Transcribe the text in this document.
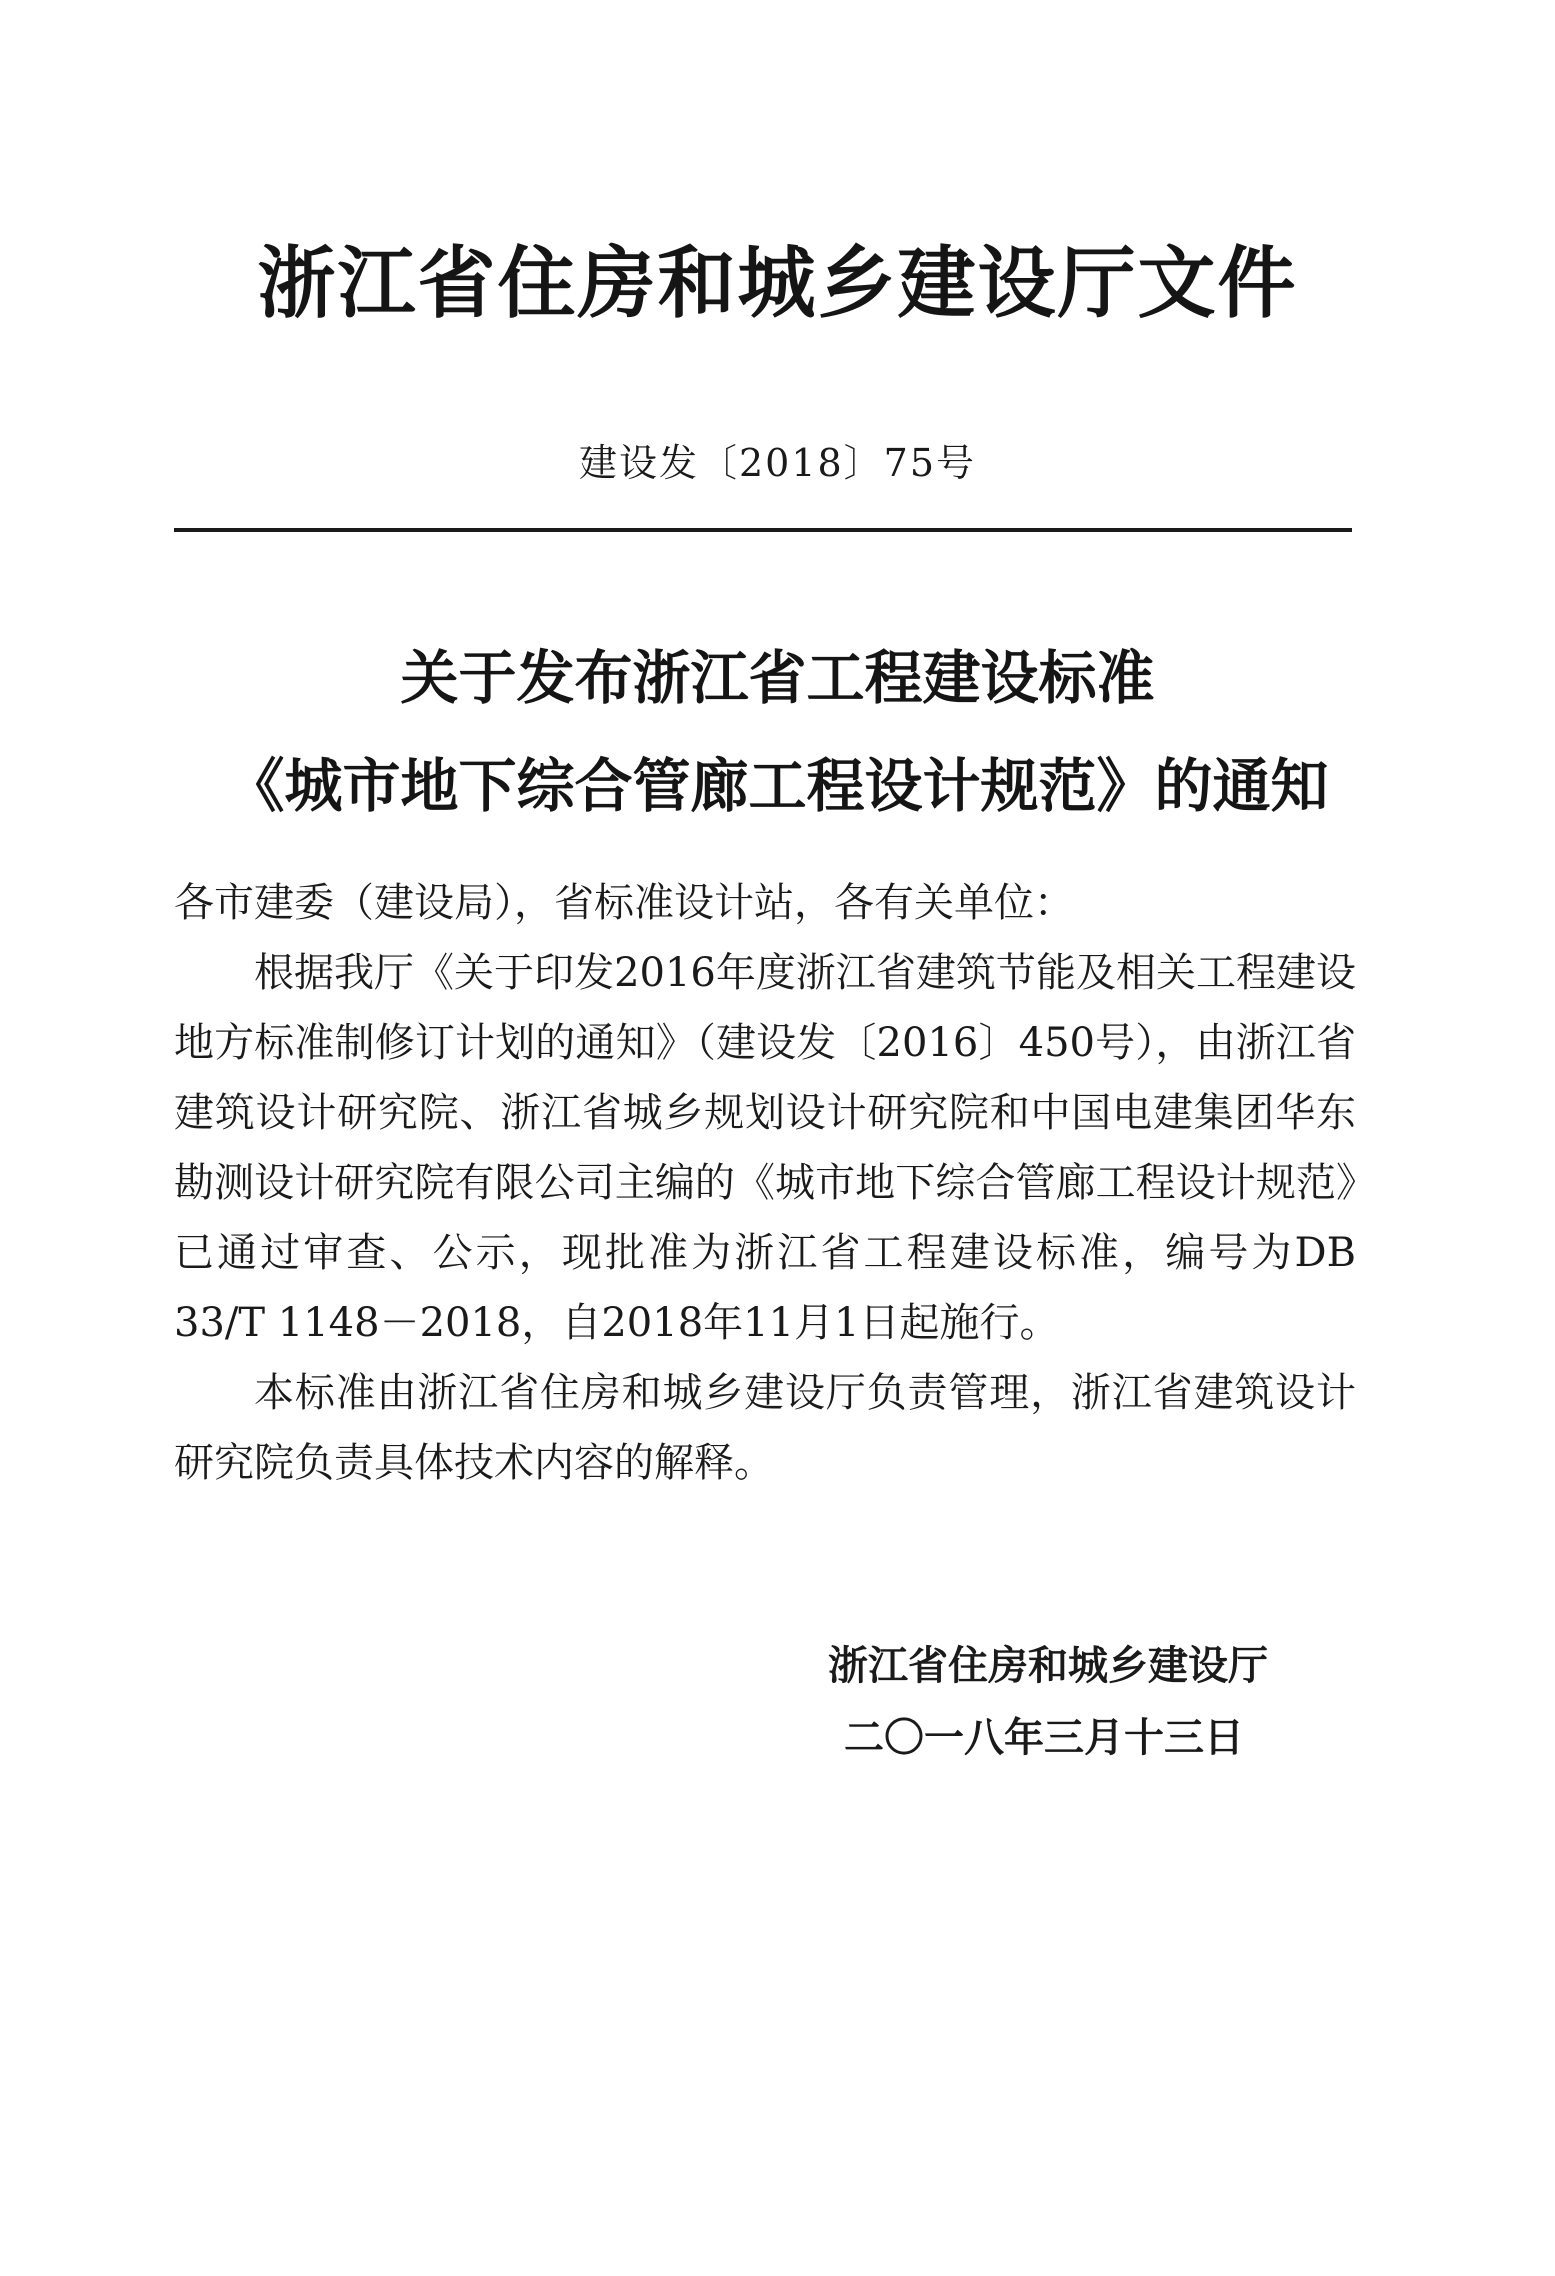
浙江省住房和城乡建设厅文件
建设发〔2018〕75号
关于发布浙江省工程建设标准
《城市地下综合管廊工程设计规范》的通知

各市建委（建设局），省标准设计站，各有关单位：

根据我厅《关于印发2016年度浙江省建筑节能及相关工程建设地方标准制修订计划的通知》（建设发〔2016〕450号），由浙江省建筑设计研究院、浙江省城乡规划设计研究院和中国电建集团华东勘测设计研究院有限公司主编的《城市地下综合管廊工程设计规范》已通过审查、公示，现批准为浙江省工程建设标准，编号为DB 33/T 1148－2018，自2018年11月1日起施行。

本标准由浙江省住房和城乡建设厅负责管理，浙江省建筑设计研究院负责具体技术内容的解释。

浙江省住房和城乡建设厅
二〇一八年三月十三日
